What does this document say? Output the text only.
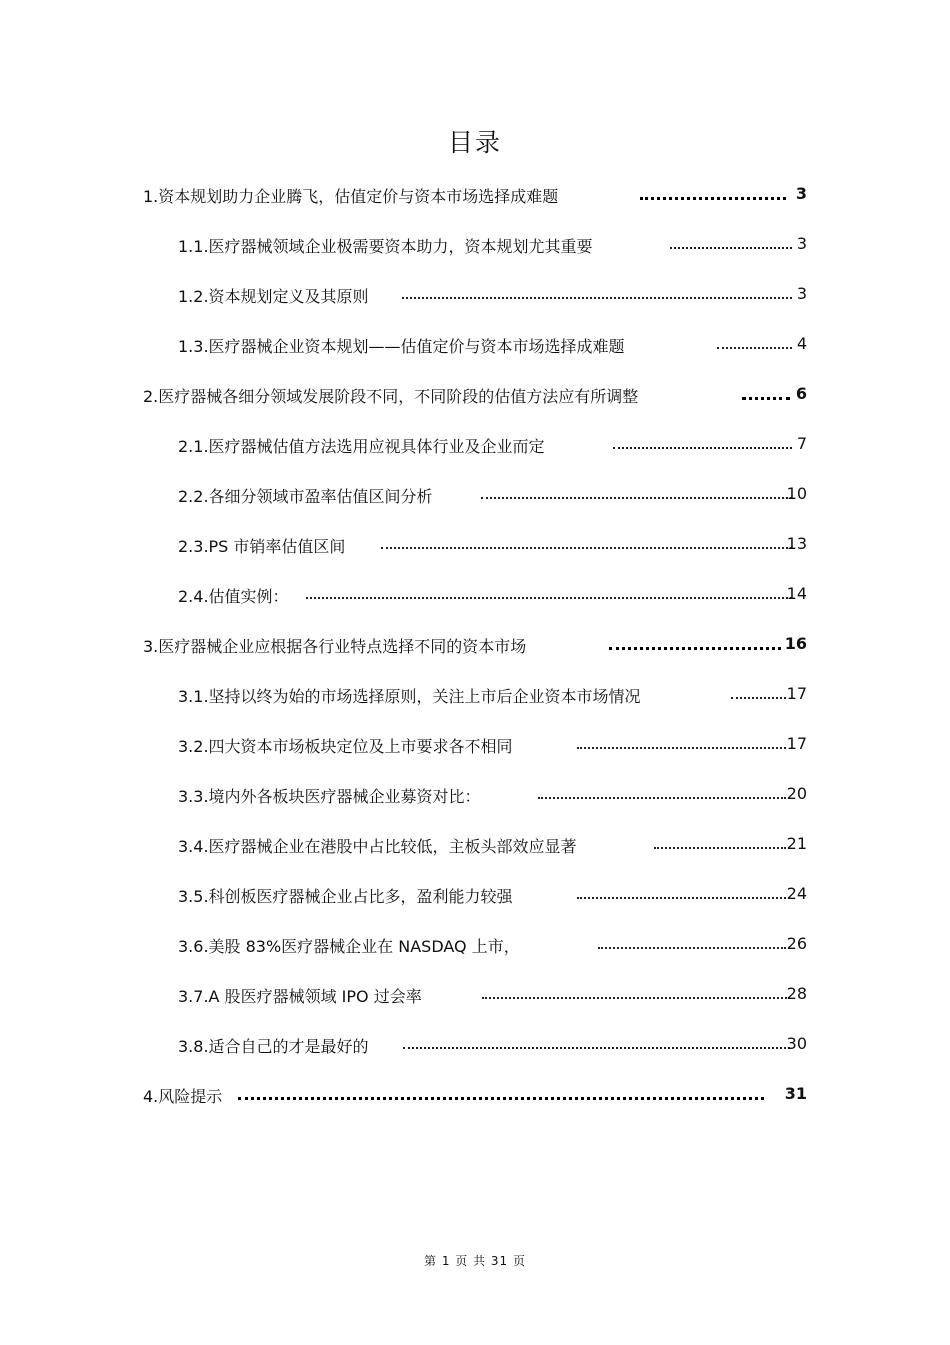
目录
1.资本规划助力企业腾飞，估值定价与资本市场选择成难题	3
1.1.医疗器械领域企业极需要资本助力，资本规划尤其重要	3
1.2.资本规划定义及其原则	3
1.3.医疗器械企业资本规划——估值定价与资本市场选择成难题	4
2.医疗器械各细分领域发展阶段不同，不同阶段的估值方法应有所调整	6
2.1.医疗器械估值方法选用应视具体行业及企业而定	7
2.2.各细分领域市盈率估值区间分析	10
2.3.PS 市销率估值区间	13
2.4.估值实例：	14
3.医疗器械企业应根据各行业特点选择不同的资本市场	16
3.1.坚持以终为始的市场选择原则，关注上市后企业资本市场情况	17
3.2.四大资本市场板块定位及上市要求各不相同	17
3.3.境内外各板块医疗器械企业募资对比：	20
3.4.医疗器械企业在港股中占比较低，主板头部效应显著	21
3.5.科创板医疗器械企业占比多，盈利能力较强	24
3.6.美股 83%医疗器械企业在 NASDAQ 上市，	26
3.7.A 股医疗器械领域 IPO 过会率	28
3.8.适合自己的才是最好的	30
4.风险提示	31
第 1 页 共 31 页
